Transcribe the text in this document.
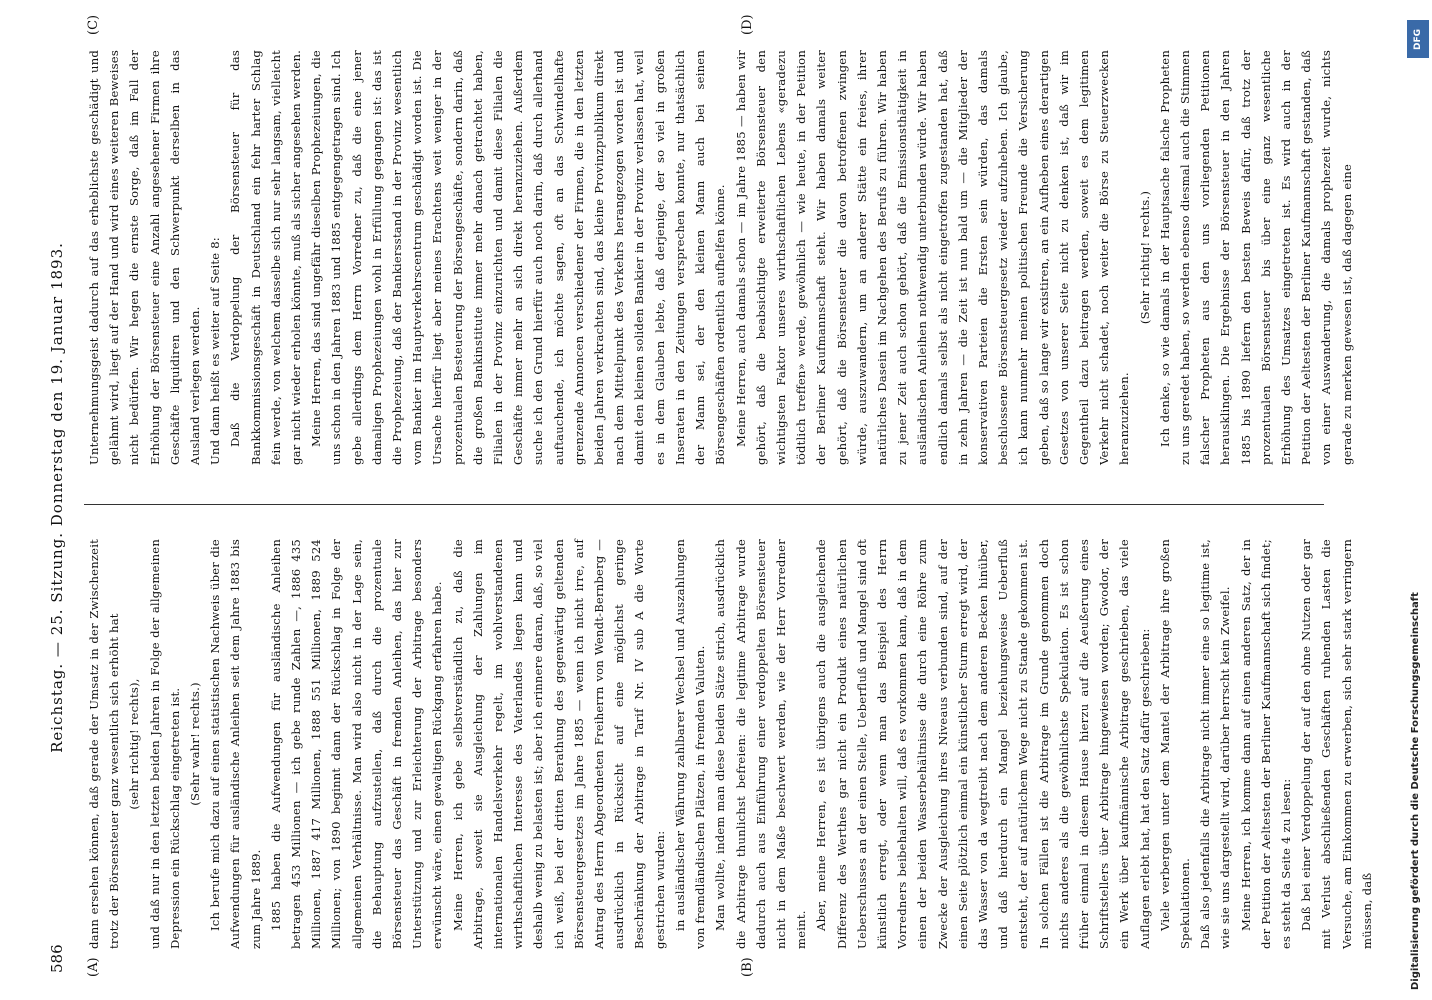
586
Reichstag. — 25. Sitzung. Donnerstag den 19. Januar 1893.
(A)	(B)
(C)	(D)

dann ersehen können, daß gerade der Umsatz in der Zwischenzeit trotz der Börsensteuer ganz wesentlich sich erhöht hat (sehr richtig! rechts), und daß nur in den letzten beiden Jahren in Folge der allgemeinen Depression ein Rückschlag eingetreten ist. (Sehr wahr! rechts.) Ich berufe mich dazu auf einen statistischen Nachweis über die Aufwendungen für ausländische Anleihen seit dem Jahre 1883 bis zum Jahre 1889. 1885 haben die Aufwendungen für ausländische Anleihen betragen 453 Millionen — ich gebe runde Zahlen —, 1886 435 Millionen, 1887 417 Millionen, 1888 551 Millionen, 1889 524 Millionen; von 1890 beginnt dann der Rückschlag in Folge der allgemeinen Verhältnisse. Man wird also nicht in der Lage sein, die Behauptung aufzustellen, daß durch die prozentuale Börsensteuer das Geschäft in fremden Anleihen, das hier zur Unterstützung und zur Erleichterung der Arbitrage besonders erwünscht wäre, einen gewaltigen Rückgang erfahren habe. Meine Herren, ich gebe selbstverständlich zu, daß die Arbitrage, soweit sie Ausgleichung der Zahlungen im internationalen Handelsverkehr regelt, im wohlverstandenen wirthschaftlichen Interesse des Vaterlandes liegen kann und deshalb wenig zu belasten ist; aber ich erinnere daran, daß, so viel ich weiß, bei der dritten Berathung des gegenwärtig geltenden Börsensteuergesetzes im Jahre 1885 — wenn ich nicht irre, auf Antrag des Herrn Abgeordneten Freiherrn von Wendt-Bernberg — ausdrücklich in Rücksicht auf eine möglichst geringe Beschränkung der Arbitrage in Tarif Nr. IV sub A die Worte gestrichen wurden: in ausländischer Währung zahlbarer Wechsel und Auszahlungen von fremdländischen Plätzen, in fremden Valuten. Man wollte, indem man diese beiden Sätze strich, ausdrücklich die Arbitrage thunlichst befreien: die legitime Arbitrage wurde dadurch auch aus Einführung einer verdoppelten Börsensteuer nicht in dem Maße beschwert werden, wie der Herr Vorredner meint. Aber, meine Herren, es ist übrigens auch die ausgleichende Differenz des Werthes gar nicht ein Produkt eines natürlichen Ueberschusses an der einen Stelle, Ueberfluß und Mangel sind oft künstlich erregt, oder wenn man das Beispiel des Herrn Vorredners beibehalten will, daß es vorkommen kann, daß in dem einen der beiden Wasserbehältnisse die durch eine Röhre zum Zwecke der Ausgleichung ihres Niveaus verbunden sind, auf der einen Seite plötzlich einmal ein künstlicher Sturm erregt wird, der das Wasser von da wegtreibt nach dem anderen Becken hinüber, und daß hierdurch ein Mangel beziehungsweise Ueberfluß entsteht, der auf natürlichem Wege nicht zu Stande gekommen ist. In solchen Fällen ist die Arbitrage im Grunde genommen doch nichts anderes als die gewöhnlichste Spekulation. Es ist schon früher einmal in diesem Hause hierzu auf die Aeußerung eines Schriftstellers über Arbitrage hingewiesen worden; Gwodor, der ein Werk über kaufmännische Arbitrage geschrieben, das viele Auflagen erlebt hat, hat den Satz dafür geschrieben: Viele verbergen unter dem Mantel der Arbitrage ihre großen Spekulationen. Daß also jedenfalls die Arbitrage nicht immer eine so legitime ist, wie sie uns dargestellt wird, darüber herrscht kein Zweifel. Meine Herren, ich komme dann auf einen anderen Satz, der in der Petition der Aeltesten der Berliner Kaufmannschaft sich findet; es steht da Seite 4 zu lesen: Daß bei einer Verdoppelung der auf den ohne Nutzen oder gar mit Verlust abschließenden Geschäften ruhenden Lasten die Versuche, am Einkommen zu erwerben, sich sehr stark verringern müssen, daß

Unternehmungsgeist dadurch auf das erheblichste geschädigt und gelähmt wird, liegt auf der Hand und wird eines weiteren Beweises nicht bedürfen. Wir hegen die ernste Sorge, daß im Fall der Erhöhung der Börsensteuer eine Anzahl angesehener Firmen ihre Geschäfte liquidiren und den Schwerpunkt derselben in das Ausland verlegen werden. Und dann heißt es weiter auf Seite 8: Daß die Verdoppelung der Börsensteuer für das Bankkommissionsgeschäft in Deutschland ein fehr harter Schlag fein werde, von welchem dasselbe sich nur sehr langsam, vielleicht gar nicht wieder erholen könnte, muß als sicher angesehen werden. Meine Herren, das sind ungefähr dieselben Prophezeiungen, die uns schon in den Jahren 1883 und 1885 entgegengetragen sind. Ich gebe allerdings dem Herrn Vorredner zu, daß die eine jener damaligen Prophezeiungen wohl in Erfüllung gegangen ist: das ist die Prophezeiung, daß der Bankiersstand in der Provinz wesentlich vom Bankier im Hauptverkehrscentrum geschädigt worden ist. Die Ursache hierfür liegt aber meines Erachtens weit weniger in der prozentualen Besteuerung der Börsengeschäfte, sondern darin, daß die großen Bankinstitute immer mehr danach getrachtet haben, Filialen in der Provinz einzurichten und damit diese Filialen die Geschäfte immer mehr an sich direkt heranzuziehen. Außerdem suche ich den Grund hierfür auch noch darin, daß durch allerhand auftauchende, ich möchte sagen, oft an das Schwindelhafte grenzende Annoncen verschiedener der Firmen, die in den letzten beiden Jahren verkrachten sind, das kleine Provinzpublikum direkt nach dem Mittelpunkt des Verkehrs herangezogen worden ist und damit den kleinen soliden Bankier in der Provinz verlassen hat, weil es in dem Glauben lebte, daß derjenige, der so viel in großen Inseraten in den Zeitungen versprechen konnte, nur thatsächlich der Mann sei, der den kleinen Mann auch bei seinen Börsengeschäften ordentlich aufhelfen könne. Meine Herren, auch damals schon — im Jahre 1885 — haben wir gehört, daß die beabsichtigte erweiterte Börsensteuer den wichtigsten Faktor unseres wirthschaftlichen Lebens «geradezu tödtlich treffen» werde, gewöhnlich — wie heute, in der Petition der Berliner Kaufmannschaft steht. Wir haben damals weiter gehört, daß die Börsensteuer die davon betroffenen zwingen würde, auszuwandern, um an anderer Stätte ein freies, ihrer natürliches Dasein im Nachgehen des Berufs zu führen. Wir haben zu jener Zeit auch schon gehört, daß die Emissionsthätigkeit in ausländischen Anleihen nothwendig unterbunden würde. Wir haben endlich damals selbst als nicht eingetroffen zugestanden hat, daß in zehn Jahren — die Zeit ist nun bald um — die Mitglieder der konservativen Parteien die Ersten sein würden, das damals beschlossene Börsensteuergesetz wieder aufzuheben. Ich glaube, ich kann nunmehr meinen politischen Freunde die Versicherung geben, daß so lange wir existiren, an ein Aufheben eines derartigen Gesetzes von unserer Seite nicht zu denken ist, daß wir im Gegentheil dazu beitragen werden, soweit es dem legitimen Verkehr nicht schadet, noch weiter die Börse zu Steuerzwecken heranzuziehen.

(Sehr richtig! rechts.) Ich denke, so wie damals in der Hauptsache falsche Propheten zu uns geredet haben, so werden ebenso diesmal auch die Stimmen falscher Propheten aus den uns vorliegenden Petitionen herausklingen. Die Ergebnisse der Börsensteuer in den Jahren 1885 bis 1890 liefern den besten Beweis dafür, daß trotz der prozentualen Börsensteuer bis über eine ganz wesentliche Erhöhung des Umsatzes eingetreten ist. Es wird auch in der Petition der Aeltesten der Berliner Kaufmannschaft gestanden, daß von einer Auswanderung, die damals prophezeit wurde, nichts gerade zu merken gewesen ist, daß dagegen eine

DFG
Digitalisierung gefördert durch die Deutsche Forschungsgemeinschaft
